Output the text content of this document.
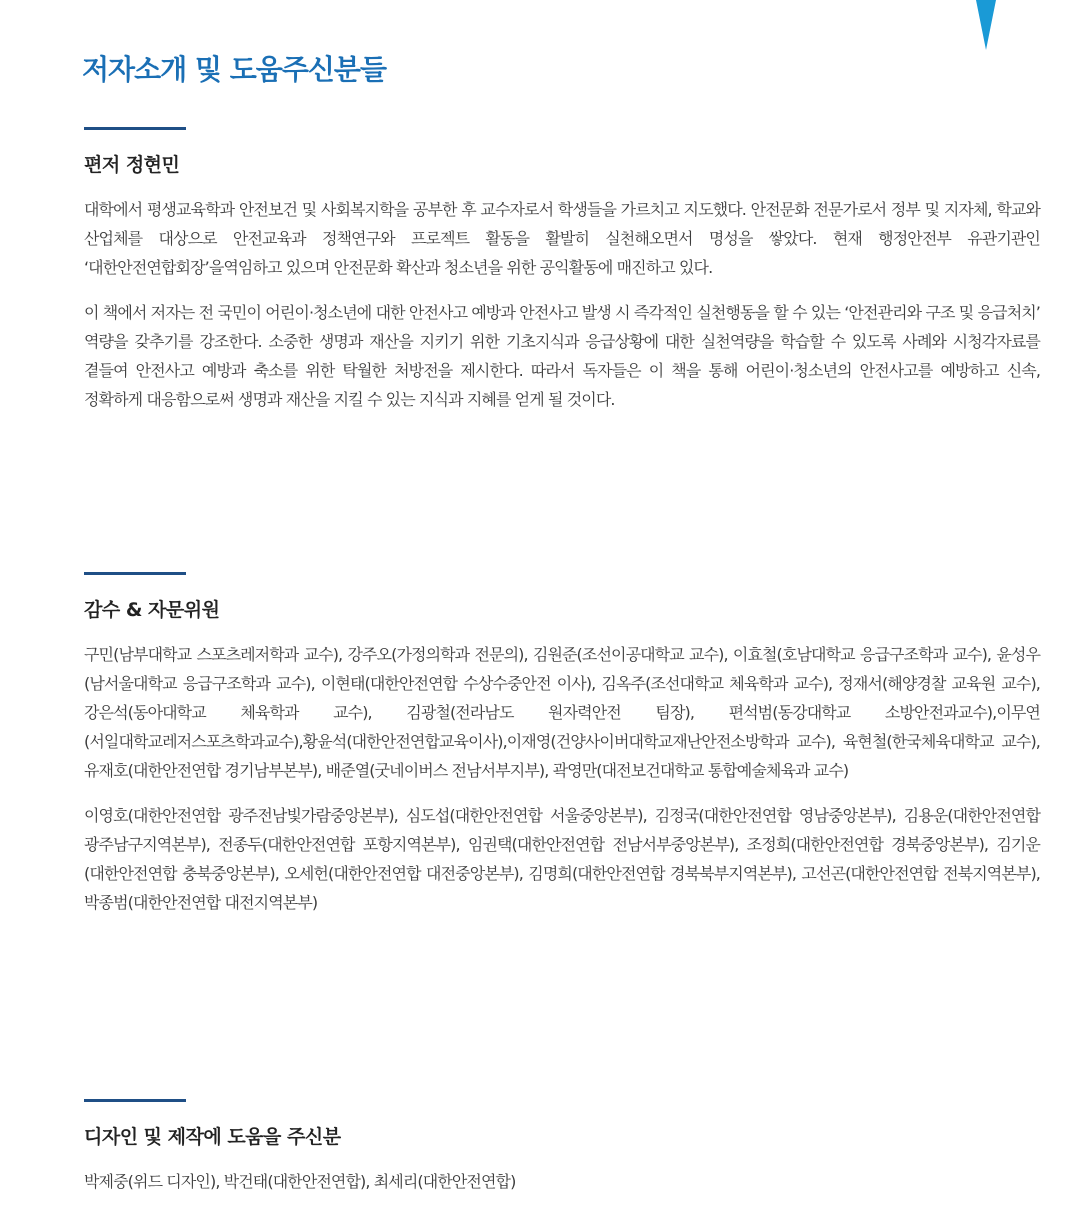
저자소개 및 도움주신분들
편저 정현민

대학에서 평생교육학과 안전보건 및 사회복지학을 공부한 후 교수자로서 학생들을 가르치고 지도했다. 안전문화 전문가로서 정부 및 지자체, 학교와 산업체를 대상으로 안전교육과 정책연구와 프로젝트 활동을 활발히 실천해오면서 명성을 쌓았다. 현재 행정안전부 유관기관인 ‘대한안전연합회장’을역임하고 있으며 안전문화 확산과 청소년을 위한 공익활동에 매진하고 있다.

이 책에서 저자는 전 국민이 어린이·청소년에 대한 안전사고 예방과 안전사고 발생 시 즉각적인 실천행동을 할 수 있는 ‘안전관리와 구조 및 응급처치’ 역량을 갖추기를 강조한다. 소중한 생명과 재산을 지키기 위한 기초지식과 응급상황에 대한 실천역량을 학습할 수 있도록 사례와 시청각자료를 곁들여 안전사고 예방과 축소를 위한 탁월한 처방전을 제시한다. 따라서 독자들은 이 책을 통해 어린이·청소년의 안전사고를 예방하고 신속, 정확하게 대응함으로써 생명과 재산을 지킬 수 있는 지식과 지혜를 얻게 될 것이다.

감수 & 자문위원

구민(남부대학교 스포츠레저학과 교수), 강주오(가정의학과 전문의), 김원준(조선이공대학교 교수), 이효철(호남대학교 응급구조학과 교수), 윤성우(남서울대학교 응급구조학과 교수), 이현태(대한안전연합 수상수중안전 이사), 김옥주(조선대학교 체육학과 교수), 정재서(해양경찰 교육원 교수), 강은석(동아대학교 체육학과 교수), 김광철(전라남도 원자력안전 팀장), 편석범(동강대학교 소방안전과교수),이무연(서일대학교레저스포츠학과교수),황윤석(대한안전연합교육이사),이재영(건양사이버대학교재난안전소방학과 교수), 육현철(한국체육대학교 교수),유재호(대한안전연합 경기남부본부), 배준열(굿네이버스 전남서부지부), 곽영만(대전보건대학교 통합예술체육과 교수)

이영호(대한안전연합 광주전남빛가람중앙본부), 심도섭(대한안전연합 서울중앙본부), 김정국(대한안전연합 영남중앙본부), 김용운(대한안전연합 광주남구지역본부), 전종두(대한안전연합 포항지역본부), 임권택(대한안전연합 전남서부중앙본부), 조정희(대한안전연합 경북중앙본부), 김기운(대한안전연합 충북중앙본부), 오세헌(대한안전연합 대전중앙본부), 김명희(대한안전연합 경북북부지역본부), 고선곤(대한안전연합 전북지역본부), 박종범(대한안전연합 대전지역본부)

디자인 및 제작에 도움을 주신분

박제중(위드 디자인), 박건태(대한안전연합), 최세리(대한안전연합)
